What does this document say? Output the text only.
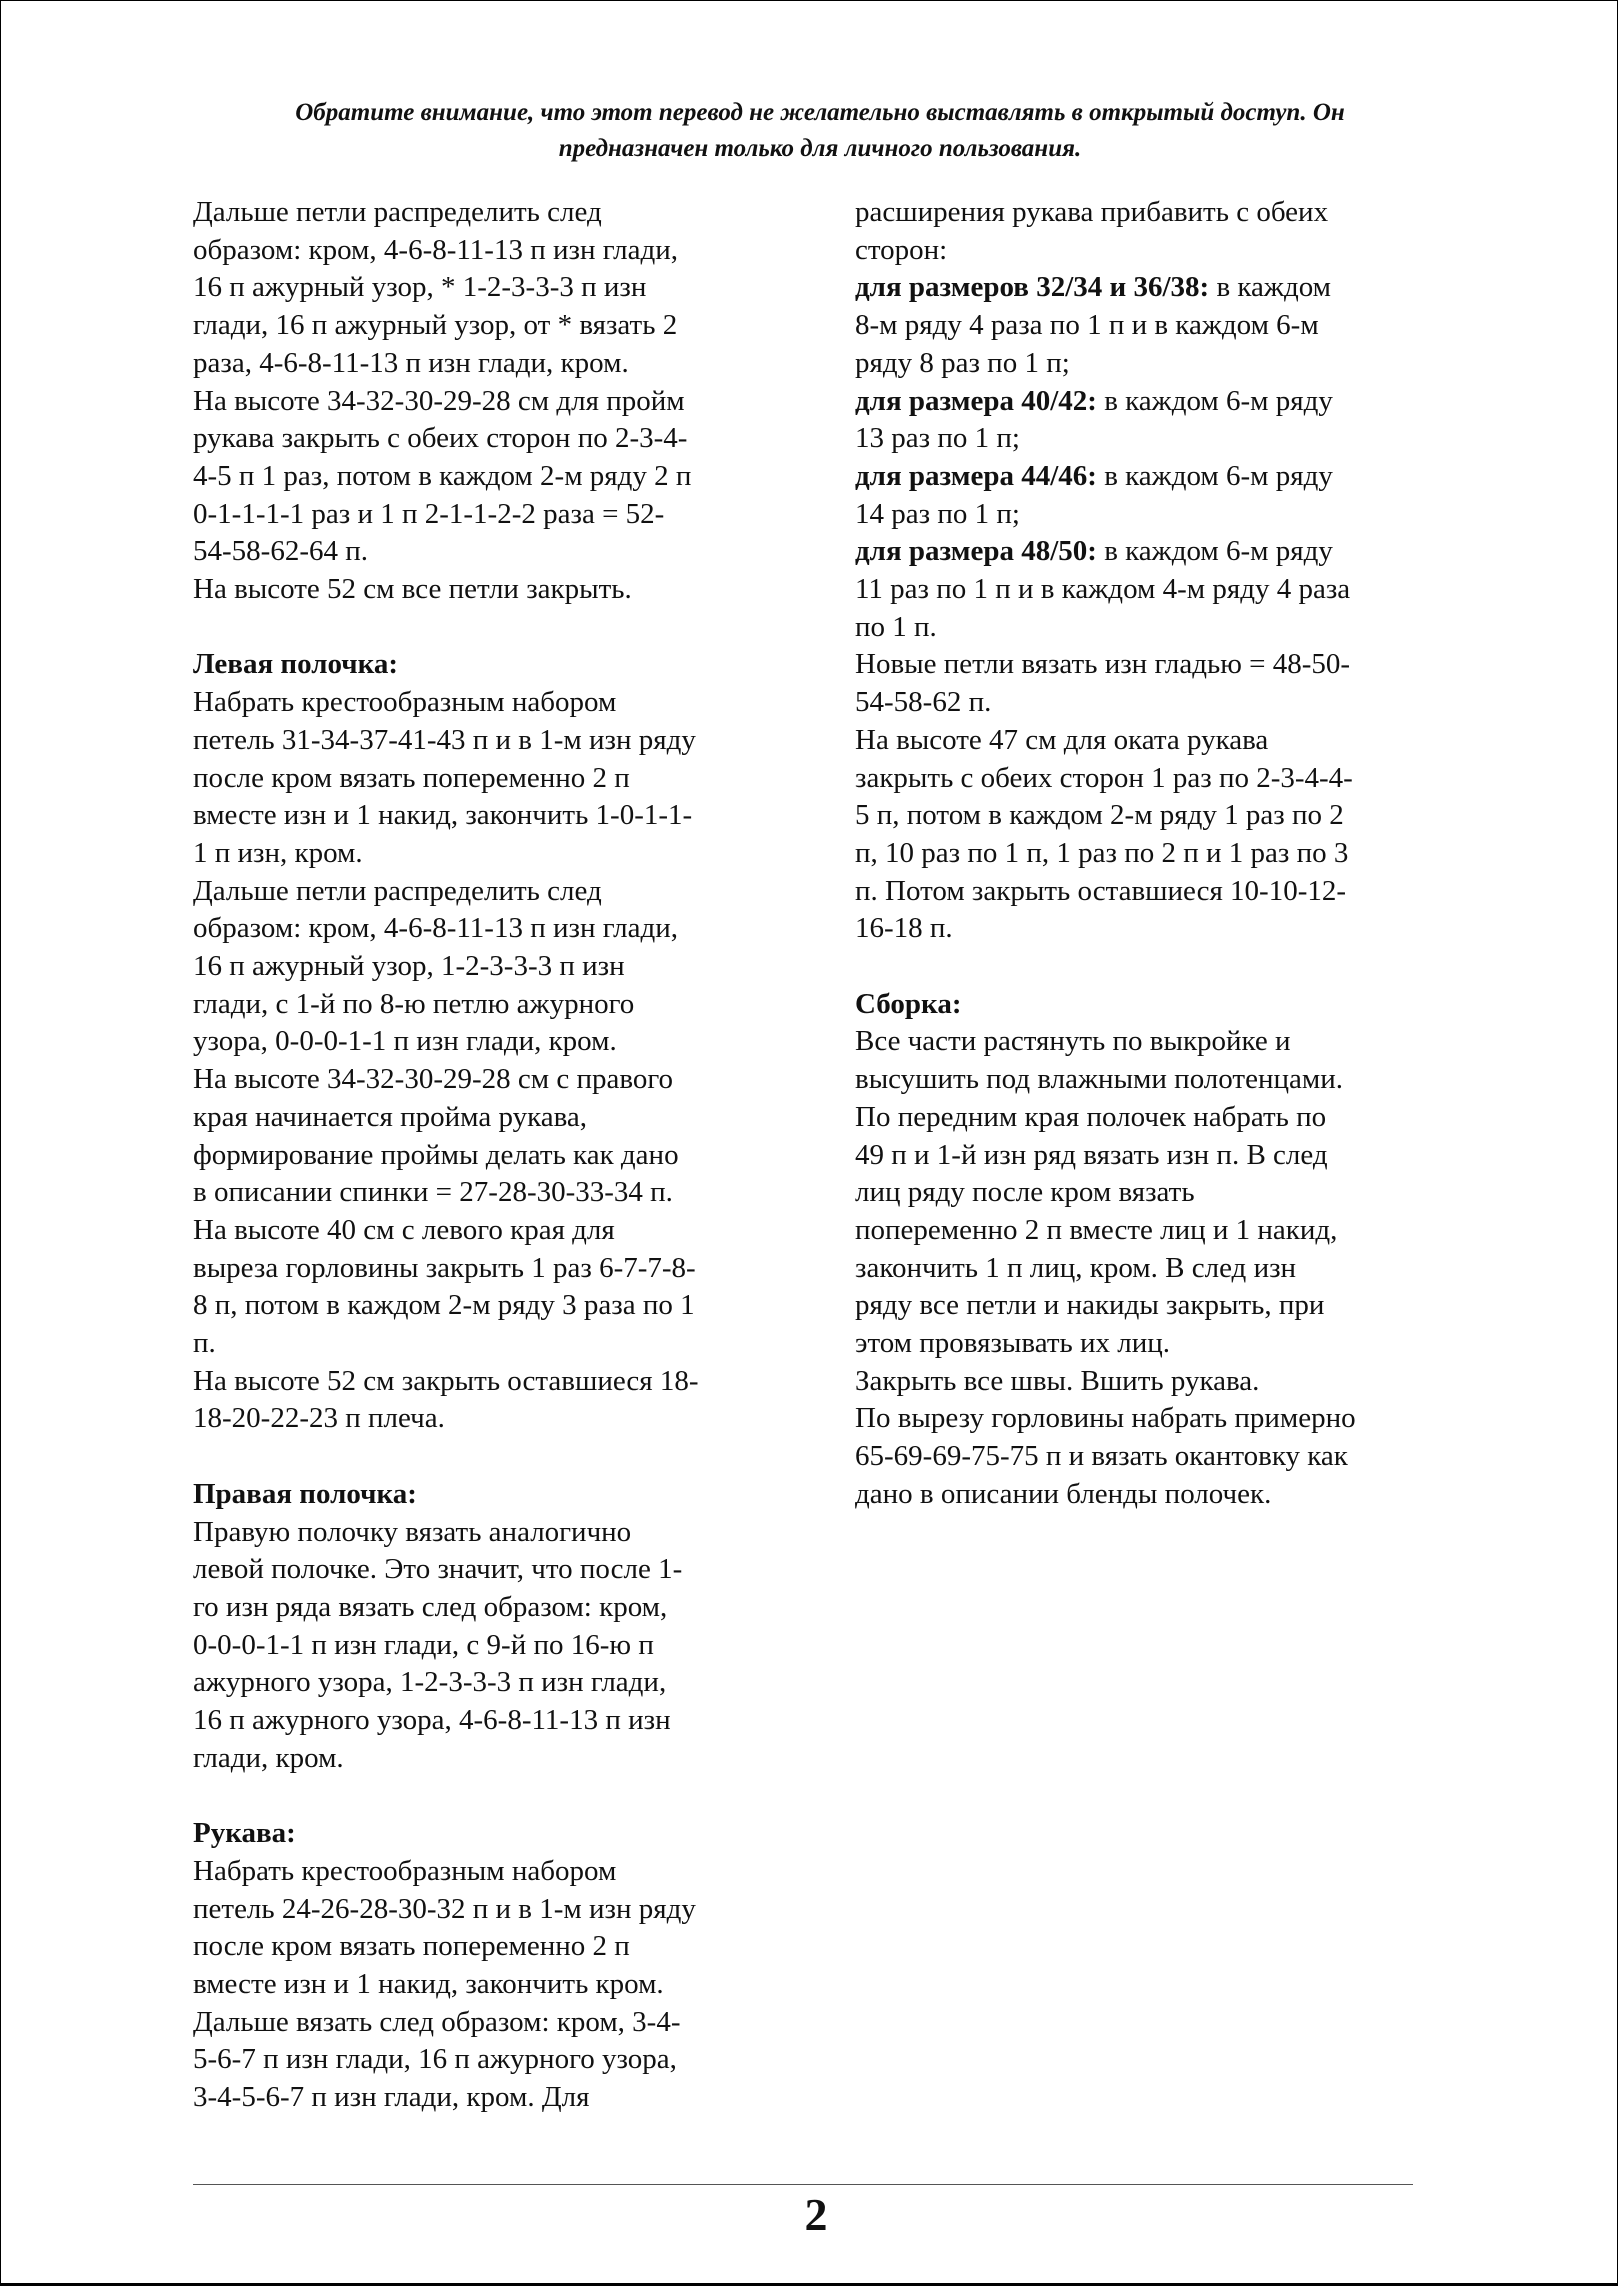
Обратите внимание, что этот перевод не желательно выставлять в открытый доступ. Он
предназначен только для личного пользования.
Дальше петли распределить след
образом: кром, 4-6-8-11-13 п изн глади,
16 п ажурный узор, * 1-2-3-3-3 п изн
глади, 16 п ажурный узор, от * вязать 2
раза, 4-6-8-11-13 п изн глади, кром.
На высоте 34-32-30-29-28 см для пройм
рукава закрыть с обеих сторон по 2-3-4-
4-5 п 1 раз, потом в каждом 2-м ряду 2 п
0-1-1-1-1 раз и 1 п 2-1-1-2-2 раза = 52-
54-58-62-64 п.
На высоте 52 см все петли закрыть.
Левая полочка:
Набрать крестообразным набором
петель 31-34-37-41-43 п и в 1-м изн ряду
после кром вязать попеременно 2 п
вместе изн и 1 накид, закончить 1-0-1-1-
1 п изн, кром.
Дальше петли распределить след
образом: кром, 4-6-8-11-13 п изн глади,
16 п ажурный узор, 1-2-3-3-3 п изн
глади, с 1-й по 8-ю петлю ажурного
узора, 0-0-0-1-1 п изн глади, кром.
На высоте 34-32-30-29-28 см с правого
края начинается пройма рукава,
формирование проймы делать как дано
в описании спинки = 27-28-30-33-34 п.
На высоте 40 см с левого края для
выреза горловины закрыть 1 раз 6-7-7-8-
8 п, потом в каждом 2-м ряду 3 раза по 1
п.
На высоте 52 см закрыть оставшиеся 18-
18-20-22-23 п плеча.
Правая полочка:
Правую полочку вязать аналогично
левой полочке. Это значит, что после 1-
го изн ряда вязать след образом: кром,
0-0-0-1-1 п изн глади, с 9-й по 16-ю п
ажурного узора, 1-2-3-3-3 п изн глади,
16 п ажурного узора, 4-6-8-11-13 п изн
глади, кром.
Рукава:
Набрать крестообразным набором
петель 24-26-28-30-32 п и в 1-м изн ряду
после кром вязать попеременно 2 п
вместе изн и 1 накид, закончить кром.
Дальше вязать след образом: кром, 3-4-
5-6-7 п изн глади, 16 п ажурного узора,
3-4-5-6-7 п изн глади, кром. Для
расширения рукава прибавить с обеих
сторон:
для размеров 32/34 и 36/38: в каждом
8-м ряду 4 раза по 1 п и в каждом 6-м
ряду 8 раз по 1 п;
для размера 40/42: в каждом 6-м ряду
13 раз по 1 п;
для размера 44/46: в каждом 6-м ряду
14 раз по 1 п;
для размера 48/50: в каждом 6-м ряду
11 раз по 1 п и в каждом 4-м ряду 4 раза
по 1 п.
Новые петли вязать изн гладью = 48-50-
54-58-62 п.
На высоте 47 см для оката рукава
закрыть с обеих сторон 1 раз по 2-3-4-4-
5 п, потом в каждом 2-м ряду 1 раз по 2
п, 10 раз по 1 п, 1 раз по 2 п и 1 раз по 3
п. Потом закрыть оставшиеся 10-10-12-
16-18 п.
Сборка:
Все части растянуть по выкройке и
высушить под влажными полотенцами.
По передним края полочек набрать по
49 п и 1-й изн ряд вязать изн п. В след
лиц ряду после кром вязать
попеременно 2 п вместе лиц и 1 накид,
закончить 1 п лиц, кром. В след изн
ряду все петли и накиды закрыть, при
этом провязывать их лиц.
Закрыть все швы. Вшить рукава.
По вырезу горловины набрать примерно
65-69-69-75-75 п и вязать окантовку как
дано в описании бленды полочек.
2
